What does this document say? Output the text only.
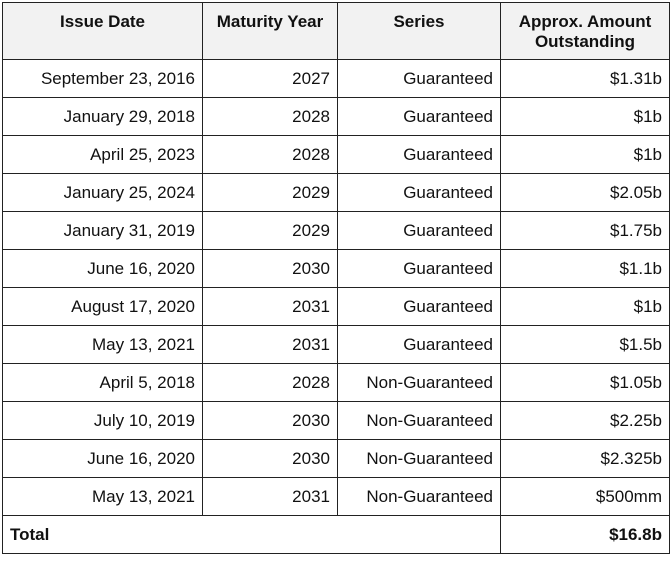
Issue Date	Maturity Year	Series	Approx. Amount Outstanding
September 23, 2016	2027	Guaranteed	$1.31b
January 29, 2018	2028	Guaranteed	$1b
April 25, 2023	2028	Guaranteed	$1b
January 25, 2024	2029	Guaranteed	$2.05b
January 31, 2019	2029	Guaranteed	$1.75b
June 16, 2020	2030	Guaranteed	$1.1b
August 17, 2020	2031	Guaranteed	$1b
May 13, 2021	2031	Guaranteed	$1.5b
April 5, 2018	2028	Non-Guaranteed	$1.05b
July 10, 2019	2030	Non-Guaranteed	$2.25b
June 16, 2020	2030	Non-Guaranteed	$2.325b
May 13, 2021	2031	Non-Guaranteed	$500mm
Total			$16.8b
